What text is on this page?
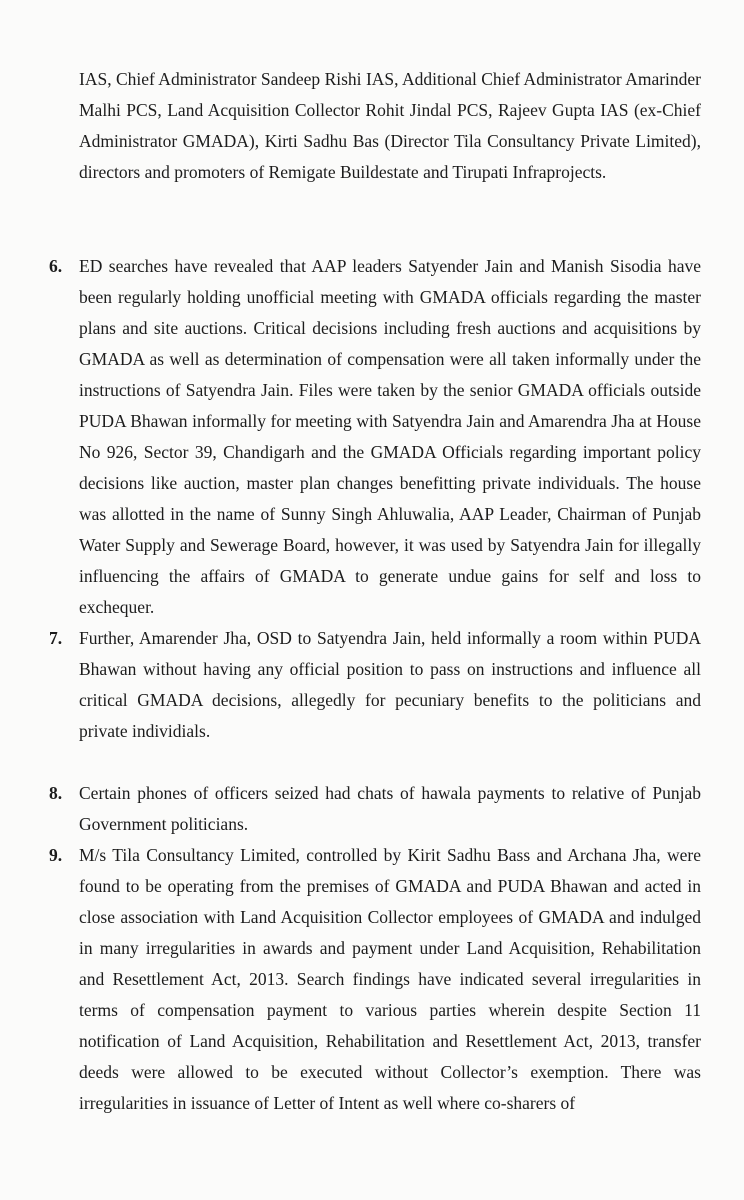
IAS, Chief Administrator Sandeep Rishi IAS, Additional Chief Administrator Amarinder Malhi PCS, Land Acquisition Collector Rohit Jindal PCS, Rajeev Gupta IAS (ex-Chief Administrator GMADA), Kirti Sadhu Bas (Director Tila Consultancy Private Limited), directors and promoters of Remigate Buildestate and Tirupati Infraprojects.

6. ED searches have revealed that AAP leaders Satyender Jain and Manish Sisodia have been regularly holding unofficial meeting with GMADA officials regarding the master plans and site auctions. Critical decisions including fresh auctions and acquisitions by GMADA as well as determination of compensation were all taken informally under the instructions of Satyendra Jain. Files were taken by the senior GMADA officials outside PUDA Bhawan informally for meeting with Satyendra Jain and Amarendra Jha at House No 926, Sector 39, Chandigarh and the GMADA Officials regarding important policy decisions like auction, master plan changes benefitting private individuals. The house was allotted in the name of Sunny Singh Ahluwalia, AAP Leader, Chairman of Punjab Water Supply and Sewerage Board, however, it was used by Satyendra Jain for illegally influencing the affairs of GMADA to generate undue gains for self and loss to exchequer.

7. Further, Amarender Jha, OSD to Satyendra Jain, held informally a room within PUDA Bhawan without having any official position to pass on instructions and influence all critical GMADA decisions, allegedly for pecuniary benefits to the politicians and private individials.

8. Certain phones of officers seized had chats of hawala payments to relative of Punjab Government politicians.

9. M/s Tila Consultancy Limited, controlled by Kirit Sadhu Bass and Archana Jha, were found to be operating from the premises of GMADA and PUDA Bhawan and acted in close association with Land Acquisition Collector employees of GMADA and indulged in many irregularities in awards and payment under Land Acquisition, Rehabilitation and Resettlement Act, 2013. Search findings have indicated several irregularities in terms of compensation payment to various parties wherein despite Section 11 notification of Land Acquisition, Rehabilitation and Resettlement Act, 2013, transfer deeds were allowed to be executed without Collector’s exemption. There was irregularities in issuance of Letter of Intent as well where co-sharers of
